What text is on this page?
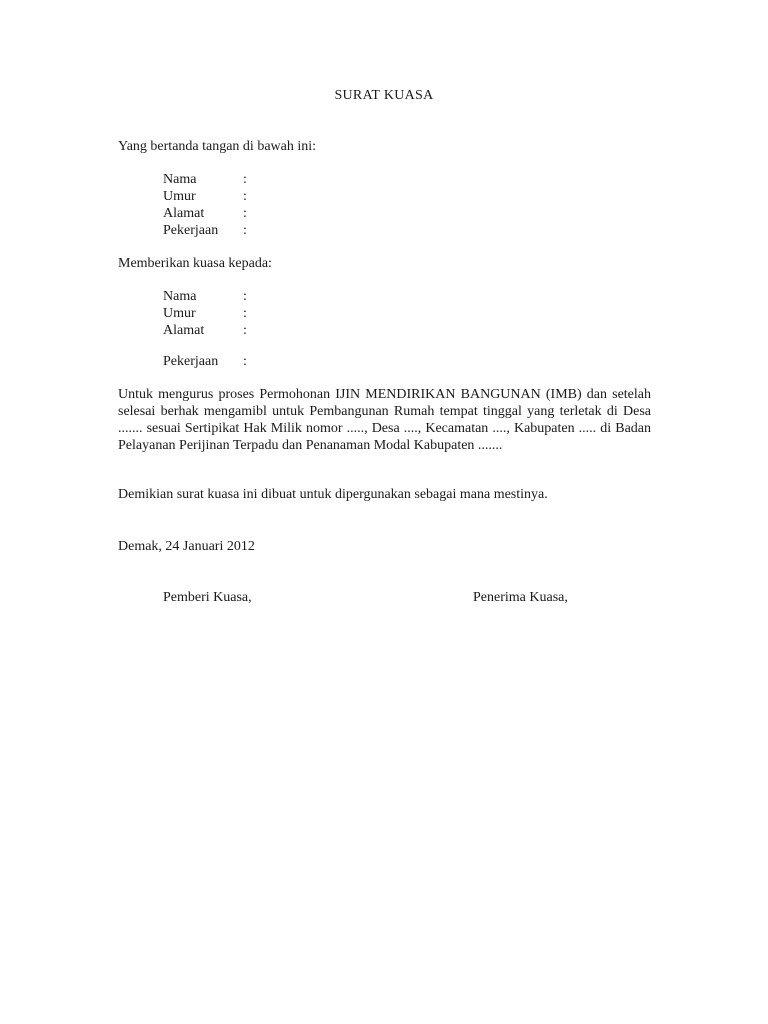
SURAT KUASA
Yang bertanda tangan di bawah ini:
Nama	:
Umur	:
Alamat	:
Pekerjaan :
Memberikan kuasa kepada:
Nama	:
Umur	:
Alamat	:
Pekerjaan :
Untuk mengurus proses Permohonan IJIN MENDIRIKAN BANGUNAN (IMB) dan setelah selesai berhak mengamibl untuk Pembangunan Rumah tempat tinggal yang terletak di Desa ....... sesuai Sertipikat Hak Milik nomor ....., Desa ...., Kecamatan ...., Kabupaten ..... di Badan Pelayanan Perijinan Terpadu dan Penanaman Modal Kabupaten .......
Demikian surat kuasa ini dibuat untuk dipergunakan sebagai mana mestinya.
Demak, 24 Januari 2012
Pemberi Kuasa,	Penerima Kuasa,
